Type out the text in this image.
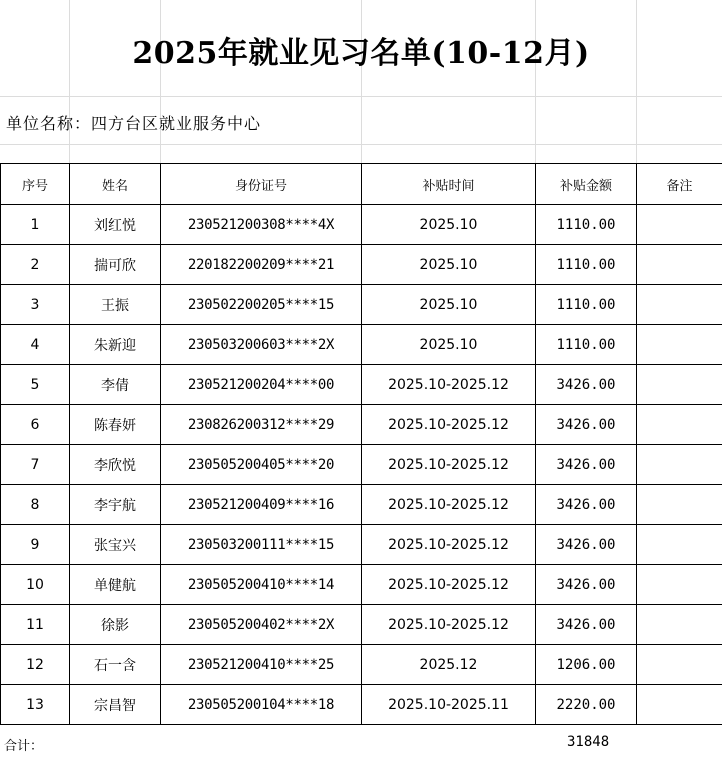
2025年就业见习名单(10-12月)
单位名称：四方台区就业服务中心
序号	姓名	身份证号	补贴时间	补贴金额	备注
1	刘红悦	230521200308****4X	2025.10	1110.00	
2	揣可欣	220182200209****21	2025.10	1110.00	
3	王振	230502200205****15	2025.10	1110.00	
4	朱新迎	230503200603****2X	2025.10	1110.00	
5	李倩	230521200204****00	2025.10-2025.12	3426.00	
6	陈春妍	230826200312****29	2025.10-2025.12	3426.00	
7	李欣悦	230505200405****20	2025.10-2025.12	3426.00	
8	李宇航	230521200409****16	2025.10-2025.12	3426.00	
9	张宝兴	230503200111****15	2025.10-2025.12	3426.00	
10	单健航	230505200410****14	2025.10-2025.12	3426.00	
11	徐影	230505200402****2X	2025.10-2025.12	3426.00	
12	石一含	230521200410****25	2025.12	1206.00	
13	宗昌智	230505200104****18	2025.10-2025.11	2220.00	
合计：	31848
